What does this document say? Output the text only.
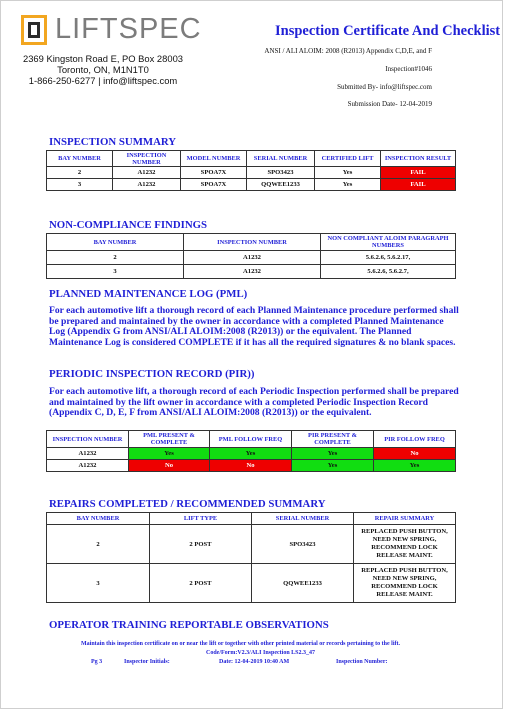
LIFTSPEC
2369 Kingston Road E, PO Box 28003
Toronto, ON, M1N1T0
1-866-250-6277 | info@liftspec.com
Inspection Certificate And Checklist
ANSI / ALI ALOIM: 2008 (R2013) Appendix C,D,E, and F
Inspection#1046
Submitted By- info@liftspec.com
Submission Date- 12-04-2019
INSPECTION SUMMARY
BAY NUMBER	INSPECTION NUMBER	MODEL NUMBER	SERIAL NUMBER	CERTIFIED LIFT	INSPECTION RESULT
2	A1232	SPOA7X	SPO3423	Yes	FAIL
3	A1232	SPOA7X	QQWEE1233	Yes	FAIL
NON-COMPLIANCE FINDINGS
BAY NUMBER	INSPECTION NUMBER	NON COMPLIANT ALOIM PARAGRAPH NUMBERS
2	A1232	5.6.2.6, 5.6.2.17,
3	A1232	5.6.2.6, 5.6.2.7,
PLANNED MAINTENANCE LOG (PML)
For each automotive lift a thorough record of each Planned Maintenance procedure performed shall be prepared and maintained by the owner in accordance with a completed Planned Maintenance Log (Appendix G from ANSI/ALI ALOIM:2008 (R2013)) or the equivalent. The Planned Maintenance Log is considered COMPLETE if it has all the required signatures & no blank spaces.
PERIODIC INSPECTION RECORD (PIR))
For each automotive lift, a thorough record of each Periodic Inspection performed shall be prepared and maintained by the lift owner in accordance with a completed Periodic Inspection Record (Appendix C, D, E, F from ANSI/ALI ALOIM:2008 (R2013)) or the equivalent.
INSPECTION NUMBER	PML PRESENT & COMPLETE	PML FOLLOW FREQ	PIR PRESENT & COMPLETE	PIR FOLLOW FREQ
A1232	Yes	Yes	Yes	No
A1232	No	No	Yes	Yes
REPAIRS COMPLETED / RECOMMENDED SUMMARY
BAY NUMBER	LIFT TYPE	SERIAL NUMBER	REPAIR SUMMARY
2	2 POST	SPO3423	REPLACED PUSH BUTTON, NEED NEW SPRING, RECOMMEND LOCK RELEASE MAINT.
3	2 POST	QQWEE1233	REPLACED PUSH BUTTON, NEED NEW SPRING, RECOMMEND LOCK RELEASE MAINT.
OPERATOR TRAINING REPORTABLE OBSERVATIONS
Maintain this inspection certificate on or near the lift or together with other printed material or records pertaining to the lift.
Code/Form:V2.3/ALI Inspection LS2.3_47
Pg 3	Inspector Initials:	Date: 12-04-2019 10:40 AM	Inspection Number:
